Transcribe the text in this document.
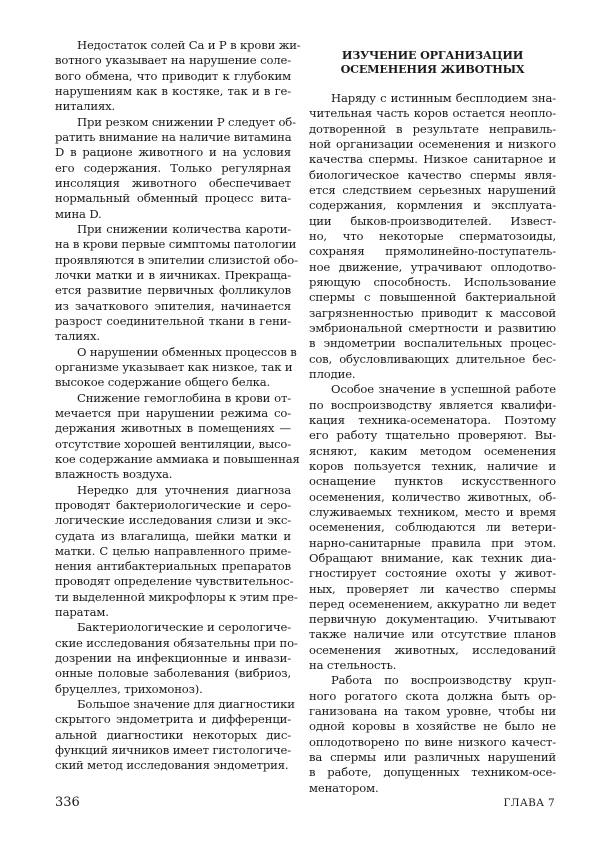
Недостаток солей Са и Р в крови жи-
вотного указывает на нарушение соле-
вого обмена, что приводит к глубоким
нарушениям как в костяке, так и в ге-
ниталиях.
При резком снижении Р следует об-
ратить внимание на наличие витамина
D в рационе животного и на условия
его содержания. Только регулярная
инсоляция животного обеспечивает
нормальный обменный процесс вита-
мина D.
При снижении количества кароти-
на в крови первые симптомы патологии
проявляются в эпителии слизистой обо-
лочки матки и в яичниках. Прекраща-
ется развитие первичных фолликулов
из зачаткового эпителия, начинается
разрост соединительной ткани в гени-
талиях.
О нарушении обменных процессов в
организме указывает как низкое, так и
высокое содержание общего белка.
Снижение гемоглобина в крови от-
мечается при нарушении режима со-
держания животных в помещениях —
отсутствие хорошей вентиляции, высо-
кое содержание аммиака и повышенная
влажность воздуха.
Нередко для уточнения диагноза
проводят бактериологические и серо-
логические исследования слизи и экс-
судата из влагалища, шейки матки и
матки. С целью направленного приме-
нения антибактериальных препаратов
проводят определение чувствительнос-
ти выделенной микрофлоры к этим пре-
паратам.
Бактериологические и серологиче-
ские исследования обязательны при по-
дозрении на инфекционные и инвази-
онные половые заболевания (вибриоз,
бруцеллез, трихомоноз).
Большое значение для диагностики
скрытого эндометрита и дифференци-
альной диагностики некоторых дис-
функций яичников имеет гистологиче-
ский метод исследования эндометрия.
ИЗУЧЕНИЕ ОРГАНИЗАЦИИ
ОСЕМЕНЕНИЯ ЖИВОТНЫХ
Наряду с истинным бесплодием зна-
чительная часть коров остается неопло-
дотворенной в результате неправиль-
ной организации осеменения и низкого
качества спермы. Низкое санитарное и
биологическое качество спермы явля-
ется следствием серьезных нарушений
содержания, кормления и эксплуата-
ции быков-производителей. Извест-
но, что некоторые сперматозоиды,
сохраняя прямолинейно-поступатель-
ное движение, утрачивают оплодотво-
ряющую способность. Использование
спермы с повышенной бактериальной
загрязненностью приводит к массовой
эмбриональной смертности и развитию
в эндометрии воспалительных процес-
сов, обусловливающих длительное бес-
плодие.
Особое значение в успешной работе
по воспроизводству является квалифи-
кация техника-осеменатора. Поэтому
его работу тщательно проверяют. Вы-
ясняют, каким методом осеменения
коров пользуется техник, наличие и
оснащение пунктов искусственного
осеменения, количество животных, об-
служиваемых техником, место и время
осеменения, соблюдаются ли ветери-
нарно-санитарные правила при этом.
Обращают внимание, как техник диа-
гностирует состояние охоты у живот-
ных, проверяет ли качество спермы
перед осеменением, аккуратно ли ведет
первичную документацию. Учитывают
также наличие или отсутствие планов
осеменения животных, исследований
на стельность.
Работа по воспроизводству круп-
ного рогатого скота должна быть ор-
ганизована на таком уровне, чтобы ни
одной коровы в хозяйстве не было не
оплодотворено по вине низкого качест-
ва спермы или различных нарушений
в работе, допущенных техником-осе-
менатором.
336	ГЛАВА 7
